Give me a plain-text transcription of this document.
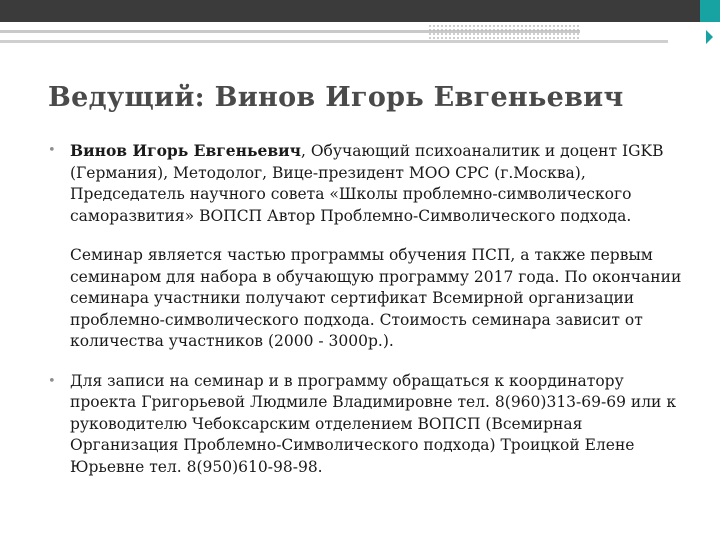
Ведущий: Винов Игорь Евгеньевич

• Винов Игорь Евгеньевич, Обучающий психоаналитик и доцент IGKB (Германия), Методолог, Вице-президент МОО СРС (г.Москва), Председатель научного совета «Школы проблемно-символического саморазвития» ВОПСП Автор Проблемно-Символического подхода.

Семинар является частью программы обучения ПСП, а также первым семинаром для набора в обучающую программу 2017 года. По окончании семинара участники получают сертификат Всемирной организации проблемно-символического подхода. Стоимость семинара зависит от количества участников (2000 - 3000р.).

• Для записи на семинар и в программу обращаться к координатору проекта Григорьевой Людмиле Владимировне тел. 8(960)313-69-69 или к руководителю Чебоксарским отделением ВОПСП (Всемирная Организация Проблемно-Символического подхода) Троицкой Елене Юрьевне тел. 8(950)610-98-98.
